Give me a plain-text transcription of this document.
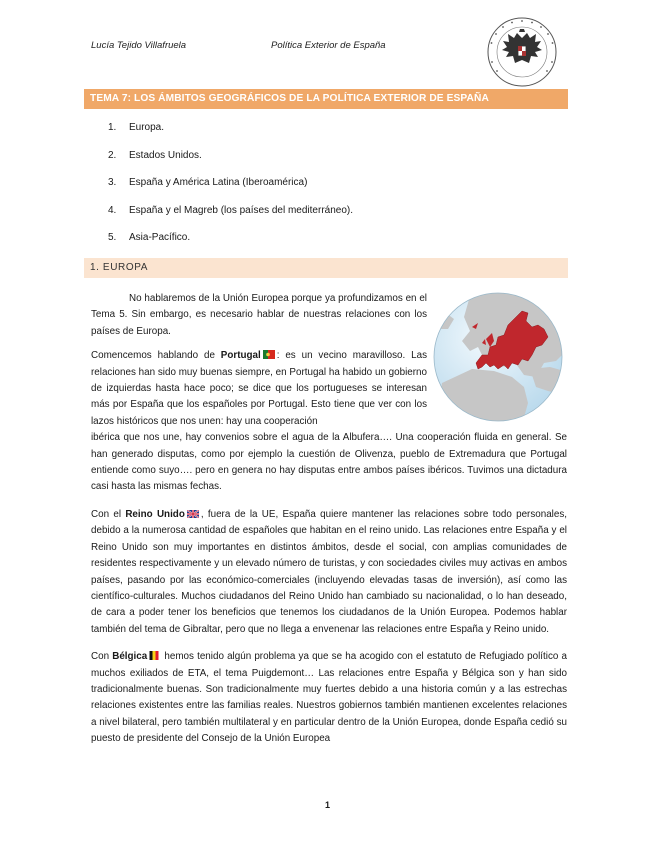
Lucía Tejido Villafruela	Política Exterior de España
TEMA 7: LOS ÁMBITOS GEOGRÁFICOS DE LA POLÍTICA EXTERIOR DE ESPAÑA
1. Europa.
2. Estados Unidos.
3. España y América Latina (Iberoamérica)
4. España y el Magreb (los países del mediterráneo).
5. Asia-Pacífico.
1. EUROPA

No hablaremos de la Unión Europea porque ya profundizamos en el Tema 5. Sin embargo, es necesario hablar de nuestras relaciones con los países de Europa.

Comencemos hablando de Portugal : es un vecino maravilloso. Las relaciones han sido muy buenas siempre, en Portugal ha habido un gobierno de izquierdas hasta hace poco; se dice que los portugueses se interesan más por España que los españoles por Portugal. Esto tiene que ver con los lazos históricos que nos unen: hay una cooperación

ibérica que nos une, hay convenios sobre el agua de la Albufera…. Una cooperación fluida en general. Se han generado disputas, como por ejemplo la cuestión de Olivenza, pueblo de Extremadura que Portugal entiende como suyo…. pero en genera no hay disputas entre ambos países ibéricos. Tuvimos una dictadura casi hasta las mismas fechas.

Con el Reino Unido , fuera de la UE, España quiere mantener las relaciones sobre todo personales, debido a la numerosa cantidad de españoles que habitan en el reino unido. Las relaciones entre España y el Reino Unido son muy importantes en distintos ámbitos, desde el social, con amplias comunidades de residentes respectivamente y un elevado número de turistas, y con sociedades civiles muy activas en ambos países, pasando por las económico-comerciales (incluyendo elevadas tasas de inversión), así como las científico-culturales. Muchos ciudadanos del Reino Unido han cambiado su nacionalidad, o lo han deseado, de cara a poder tener los beneficios que tenemos los ciudadanos de la Unión Europea. Podemos hablar también del tema de Gibraltar, pero que no llega a envenenar las relaciones entre España y Reino unido.

Con Bélgica hemos tenido algún problema ya que se ha acogido con el estatuto de Refugiado político a muchos exiliados de ETA, el tema Puigdemont… Las relaciones entre España y Bélgica son y han sido tradicionalmente buenas. Son tradicionalmente muy fuertes debido a una historia común y a las estrechas relaciones existentes entre las familias reales. Nuestros gobiernos también mantienen excelentes relaciones a nivel bilateral, pero también multilateral y en particular dentro de la Unión Europea, donde España cedió su puesto de presidente del Consejo de la Unión Europea

1
